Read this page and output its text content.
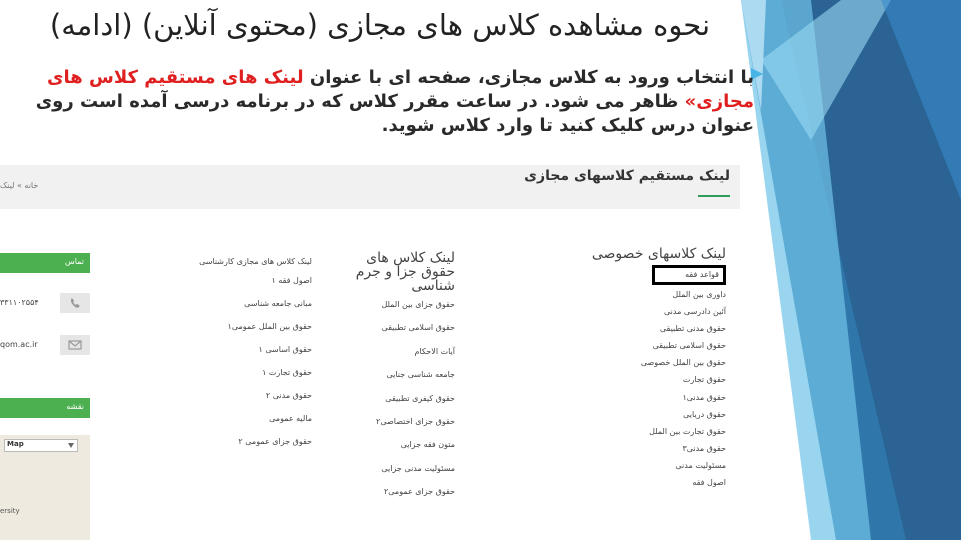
نحوه مشاهده کلاس های مجازی (محتوی آنلاین) (ادامه)
با انتخاب ورود به کلاس مجازی، صفحه ای با عنوان لینک های مستقیم کلاس های مجازی» ظاهر می شود. در ساعت مقرر کلاس که در برنامه درسی آمده است روی عنوان درس کلیک کنید تا وارد کلاس شوید.
خانه » لینک
لینک مستقیم کلاسهای مجازی
لینک کلاسهای خصوصی
قواعد فقه
داوری بین الملل
آئین دادرسی مدنی
حقوق مدنی تطبیقی
حقوق اسلامی تطبیقی
حقوق بین الملل خصوصی
حقوق تجارت
حقوق مدنی۱
حقوق دریایی
حقوق تجارت بین الملل
حقوق مدنی۳
مسئولیت مدنی
اصول فقه
لینک کلاس های حقوق جزا و جرم شناسی
حقوق جزای بین الملل
حقوق اسلامی تطبیقی
آیات الاحکام
جامعه شناسی جنایی
حقوق کیفری تطبیقی
حقوق جزای اختصاصی۲
متون فقه جزایی
مسئولیت مدنی جزایی
حقوق جزای عمومی۲
لینک کلاس های مجازی کارشناسی
اصول فقه ۱
مبانی جامعه شناسی
حقوق بین الملل عمومی۱
حقوق اساسی ۱
حقوق تجارت ۱
حقوق مدنی ۲
مالیه عمومی
حقوق جزای عمومی ۲
تماس
۳۳۱۱۰۲۵۵۴
qom.ac.ir
نقشه
Map
ersity
